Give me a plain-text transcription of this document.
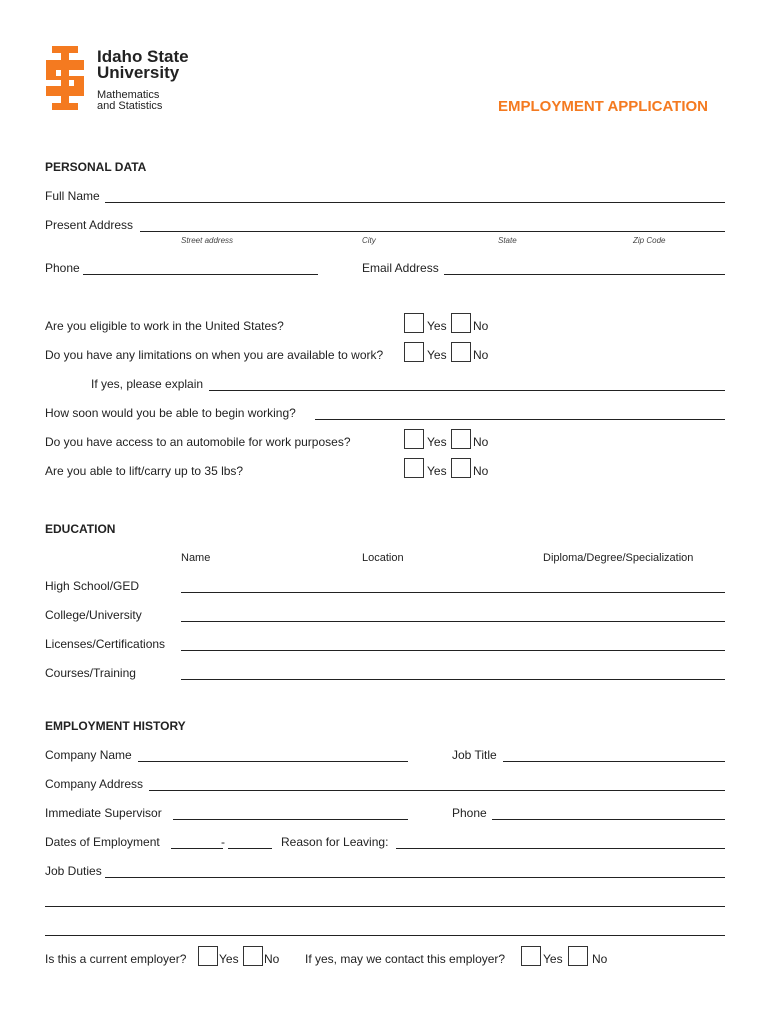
Idaho State
University
Mathematics
and Statistics	EMPLOYMENT APPLICATION
PERSONAL DATA
Full Name
Present Address
Street address	City	State	Zip Code
Phone	Email Address
Are you eligible to work in the United States?	Yes No
Do you have any limitations on when you are available to work?	Yes No
If yes, please explain
How soon would you be able to begin working?
Do you have access to an automobile for work purposes?	Yes No
Are you able to lift/carry up to 35 lbs?	Yes No
EDUCATION
Name	Location	Diploma/Degree/Specialization
High School/GED
College/University
Licenses/Certifications
Courses/Training
EMPLOYMENT HISTORY
Company Name	Job Title
Company Address
Immediate Supervisor	Phone
Dates of Employment	-	Reason for Leaving:
Job Duties
Is this a current employer?	Yes No If yes, may we contact this employer?	Yes No
